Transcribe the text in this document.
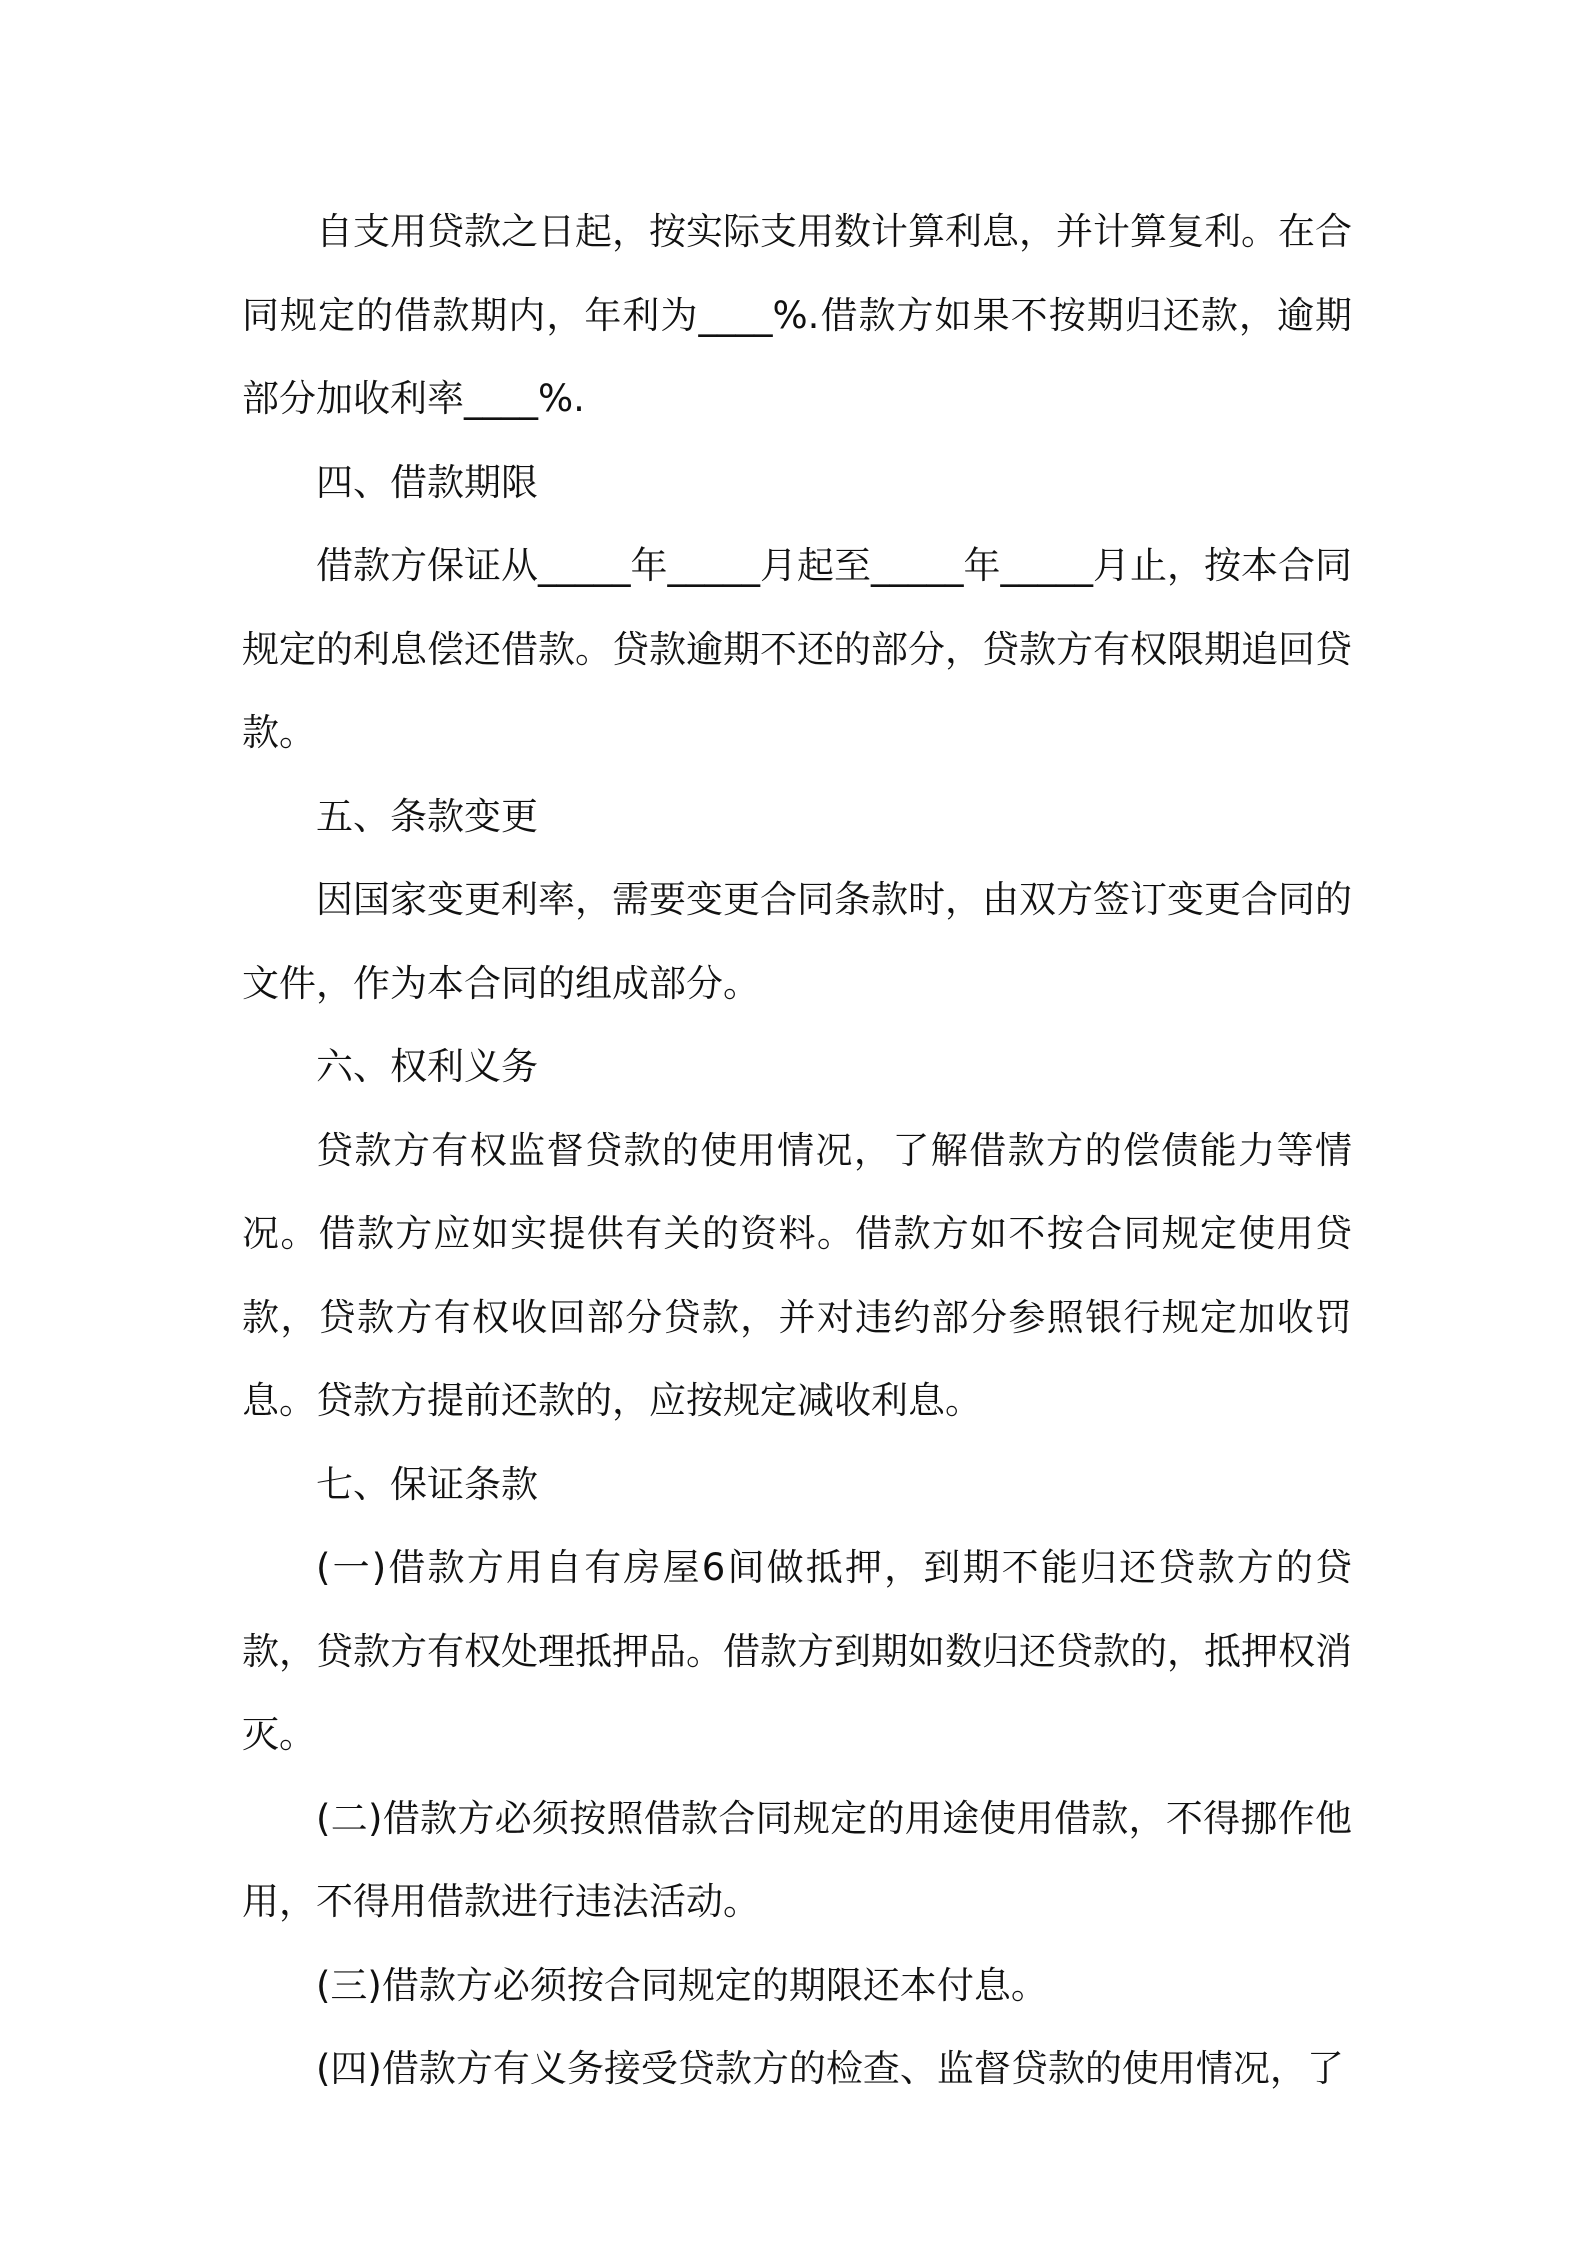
自支用贷款之日起，按实际支用数计算利息，并计算复利。在合同规定的借款期内，年利为____%.借款方如果不按期归还款，逾期部分加收利率____%.

四、借款期限

借款方保证从_____年_____月起至_____年_____月止，按本合同规定的利息偿还借款。贷款逾期不还的部分，贷款方有权限期追回贷款。

五、条款变更

因国家变更利率，需要变更合同条款时，由双方签订变更合同的文件，作为本合同的组成部分。

六、权利义务

贷款方有权监督贷款的使用情况，了解借款方的偿债能力等情况。借款方应如实提供有关的资料。借款方如不按合同规定使用贷款，贷款方有权收回部分贷款，并对违约部分参照银行规定加收罚息。贷款方提前还款的，应按规定减收利息。

七、保证条款

(一)借款方用自有房屋6间做抵押，到期不能归还贷款方的贷款，贷款方有权处理抵押品。借款方到期如数归还贷款的，抵押权消灭。

(二)借款方必须按照借款合同规定的用途使用借款，不得挪作他用，不得用借款进行违法活动。

(三)借款方必须按合同规定的期限还本付息。

(四)借款方有义务接受贷款方的检查、监督贷款的使用情况，了
